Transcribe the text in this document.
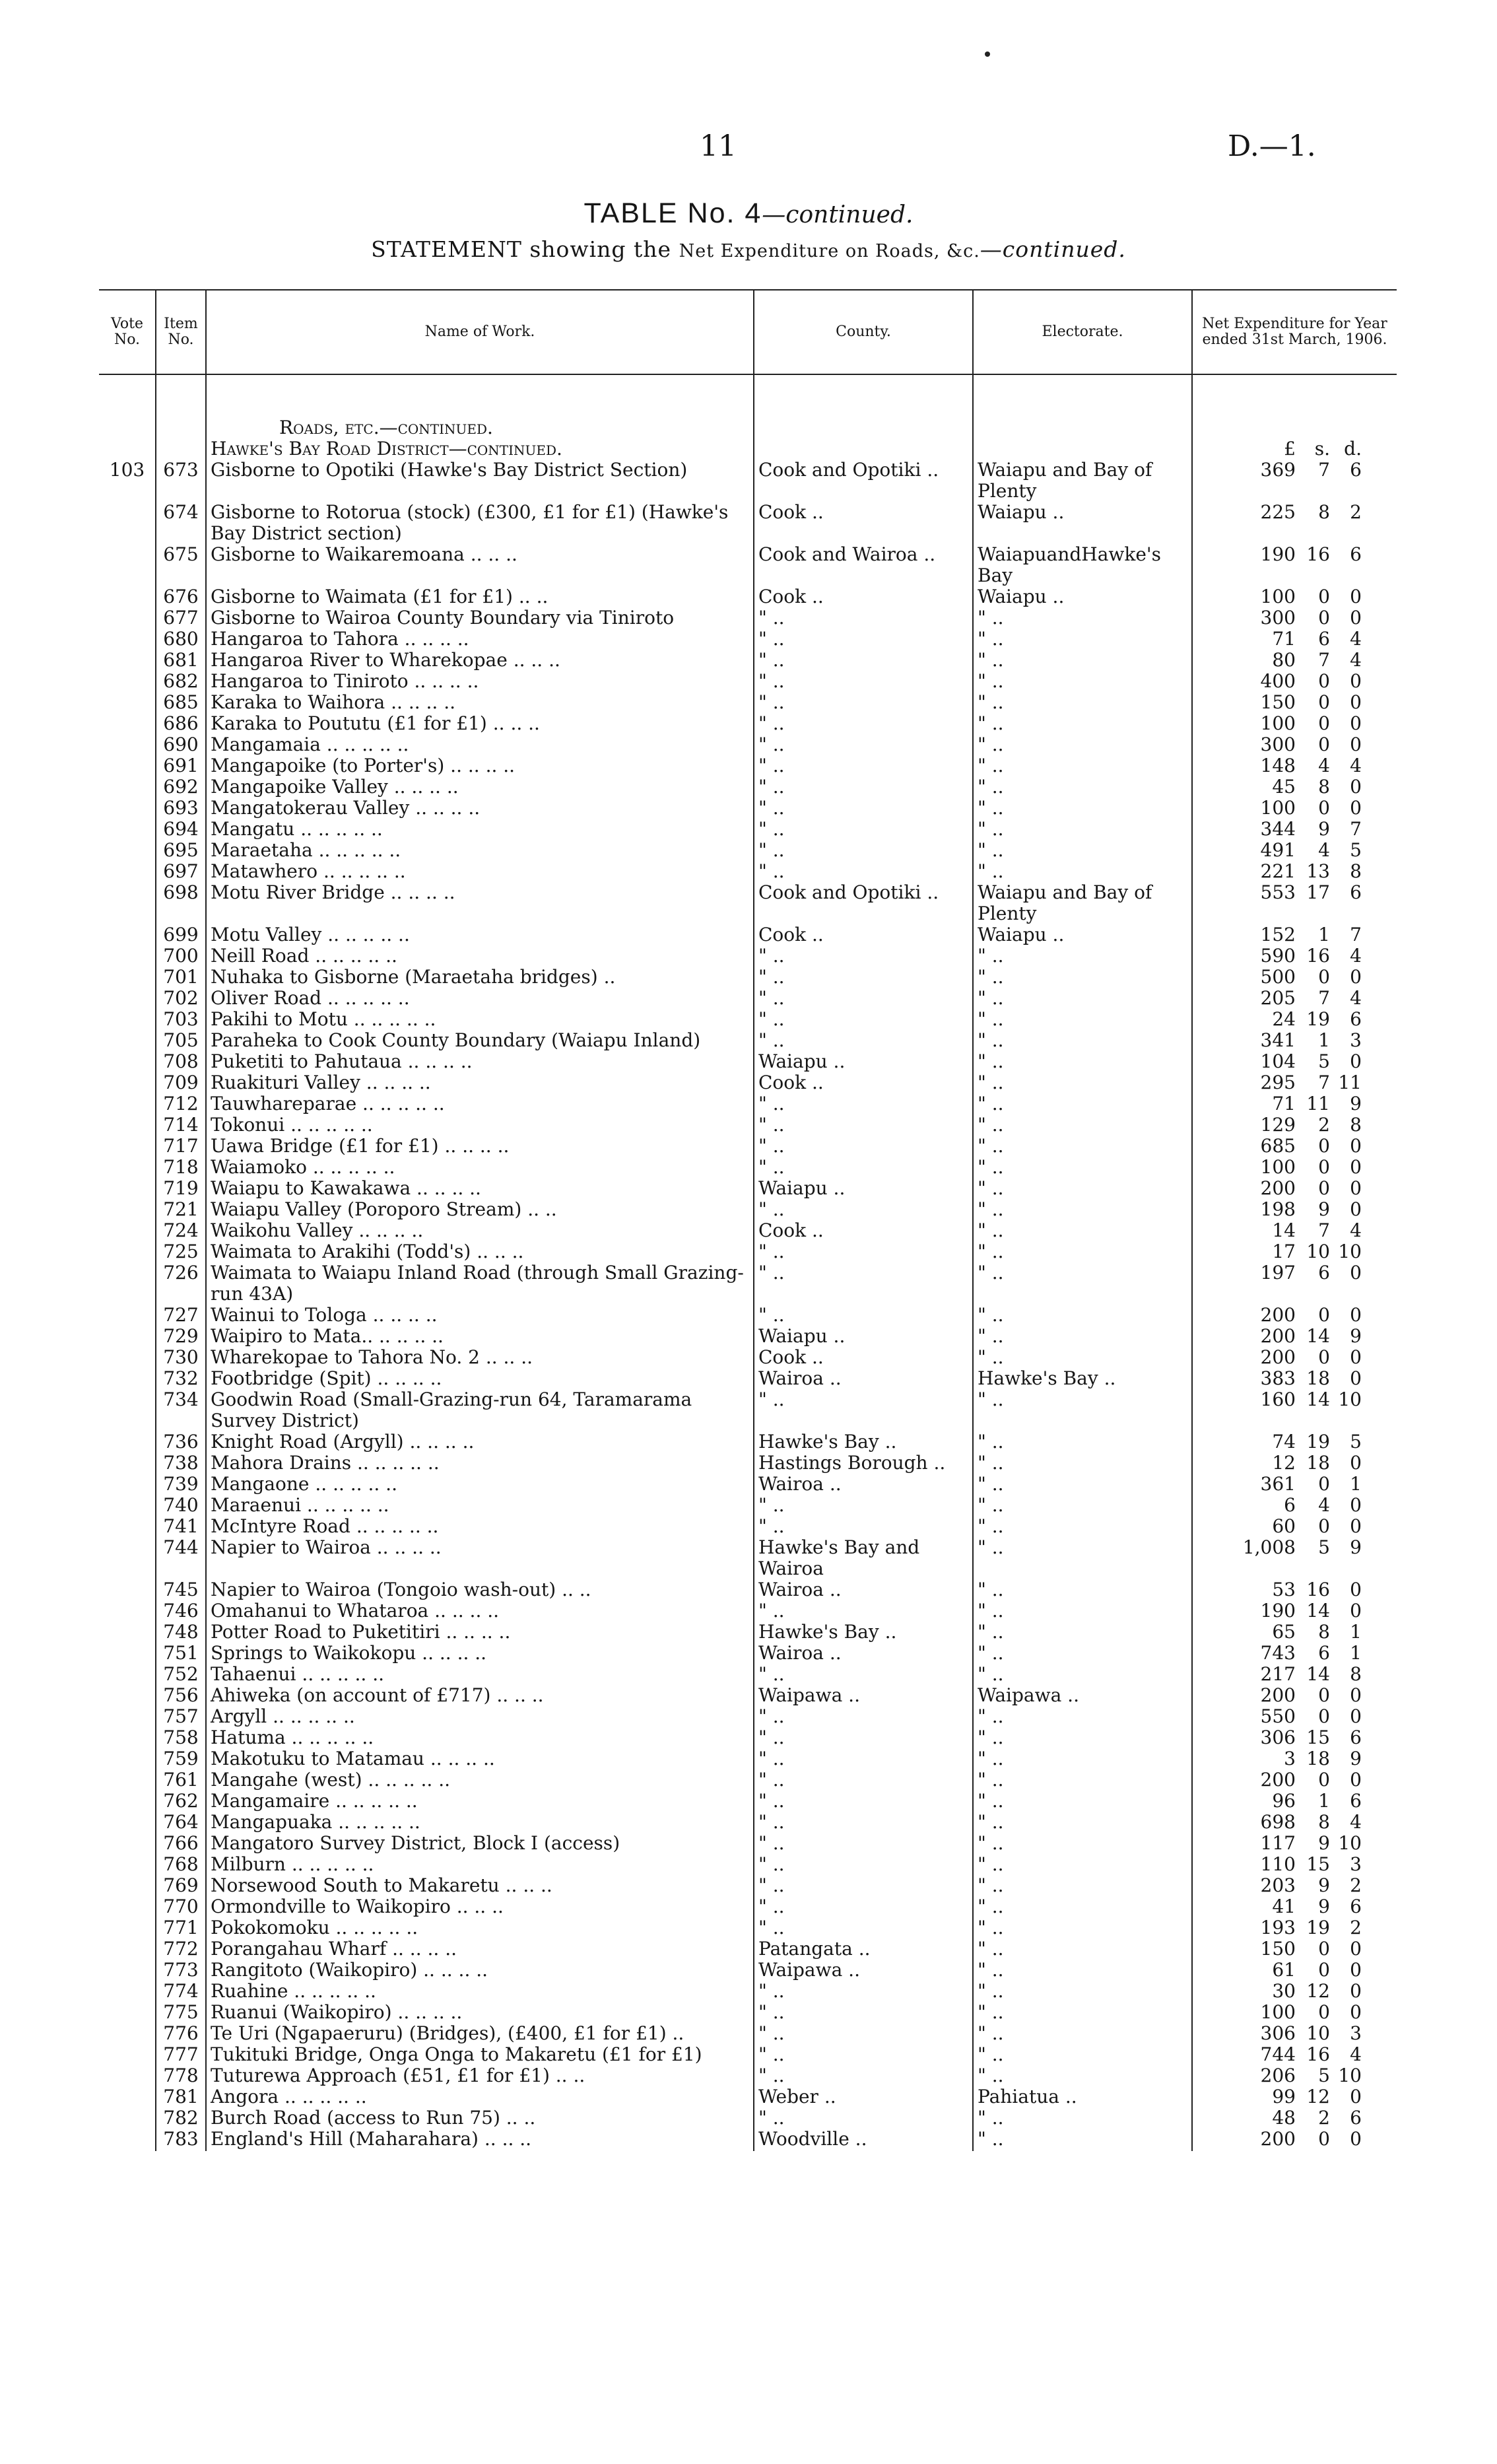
11	D.—1.
TABLE No. 4—continued.
STATEMENT showing the Net Expenditure on Roads, &c.—continued.
Vote No.	Item No.	Name of Work.	County.	Electorate.	Net Expenditure for Year ended 31st March, 1906.

		Roads, etc.—continued.			
		Hawke's Bay Road District—continued.			£ s. d.
103	673	Gisborne to Opotiki (Hawke's Bay District Section)	Cook and Opotiki ..	Waiapu and Bay of Plenty	369 7 6
	674	Gisborne to Rotorua (stock) (£300, £1 for £1) (Hawke's Bay District section)	Cook ..	Waiapu ..	225 8 2
	675	Gisborne to Waikaremoana .. .. ..	Cook and Wairoa ..	WaiapuandHawke's Bay	190 16 6
	676	Gisborne to Waimata (£1 for £1) .. ..	Cook ..	Waiapu ..	100 0 0
	677	Gisborne to Wairoa County Boundary via Tiniroto	" ..	" ..	300 0 0
	680	Hangaroa to Tahora .. .. .. ..	" ..	" ..	71 6 4
	681	Hangaroa River to Wharekopae .. .. ..	" ..	" ..	80 7 4
	682	Hangaroa to Tiniroto .. .. .. ..	" ..	" ..	400 0 0
	685	Karaka to Waihora .. .. .. ..	" ..	" ..	150 0 0
	686	Karaka to Poututu (£1 for £1) .. .. ..	" ..	" ..	100 0 0
	690	Mangamaia .. .. .. .. ..	" ..	" ..	300 0 0
	691	Mangapoike (to Porter's) .. .. .. ..	" ..	" ..	148 4 4
	692	Mangapoike Valley .. .. .. ..	" ..	" ..	45 8 0
	693	Mangatokerau Valley .. .. .. ..	" ..	" ..	100 0 0
	694	Mangatu .. .. .. .. ..	" ..	" ..	344 9 7
	695	Maraetaha .. .. .. .. ..	" ..	" ..	491 4 5
	697	Matawhero .. .. .. .. ..	" ..	" ..	221 13 8
	698	Motu River Bridge .. .. .. ..	Cook and Opotiki ..	Waiapu and Bay of Plenty	553 17 6
	699	Motu Valley .. .. .. .. ..	Cook ..	Waiapu ..	152 1 7
	700	Neill Road .. .. .. .. ..	" ..	" ..	590 16 4
	701	Nuhaka to Gisborne (Maraetaha bridges) ..	" ..	" ..	500 0 0
	702	Oliver Road .. .. .. .. ..	" ..	" ..	205 7 4
	703	Pakihi to Motu .. .. .. .. ..	" ..	" ..	24 19 6
	705	Paraheka to Cook County Boundary (Waiapu Inland)	" ..	" ..	341 1 3
	708	Puketiti to Pahutaua .. .. .. ..	Waiapu ..	" ..	104 5 0
	709	Ruakituri Valley .. .. .. ..	Cook ..	" ..	295 7 11
	712	Tauwhareparae .. .. .. .. ..	" ..	" ..	71 11 9
	714	Tokonui .. .. .. .. ..	" ..	" ..	129 2 8
	717	Uawa Bridge (£1 for £1) .. .. .. ..	" ..	" ..	685 0 0
	718	Waiamoko .. .. .. .. ..	" ..	" ..	100 0 0
	719	Waiapu to Kawakawa .. .. .. ..	Waiapu ..	" ..	200 0 0
	721	Waiapu Valley (Poroporo Stream) .. ..	" ..	" ..	198 9 0
	724	Waikohu Valley .. .. .. ..	Cook ..	" ..	14 7 4
	725	Waimata to Arakihi (Todd's) .. .. ..	" ..	" ..	17 10 10
	726	Waimata to Waiapu Inland Road (through Small Grazing-run 43A)	" ..	" ..	197 6 0
	727	Wainui to Tologa .. .. .. ..	" ..	" ..	200 0 0
	729	Waipiro to Mata.. .. .. .. ..	Waiapu ..	" ..	200 14 9
	730	Wharekopae to Tahora No. 2 .. .. ..	Cook ..	" ..	200 0 0
	732	Footbridge (Spit) .. .. .. ..	Wairoa ..	Hawke's Bay ..	383 18 0
	734	Goodwin Road (Small-Grazing-run 64, Taramarama Survey District)	" ..	" ..	160 14 10
	736	Knight Road (Argyll) .. .. .. ..	Hawke's Bay ..	" ..	74 19 5
	738	Mahora Drains .. .. .. .. ..	Hastings Borough ..	" ..	12 18 0
	739	Mangaone .. .. .. .. ..	Wairoa ..	" ..	361 0 1
	740	Maraenui .. .. .. .. ..	" ..	" ..	6 4 0
	741	McIntyre Road .. .. .. .. ..	" ..	" ..	60 0 0
	744	Napier to Wairoa .. .. .. ..	Hawke's Bay and Wairoa	" ..	1,008 5 9
	745	Napier to Wairoa (Tongoio wash-out) .. ..	Wairoa ..	" ..	53 16 0
	746	Omahanui to Whataroa .. .. .. ..	" ..	" ..	190 14 0
	748	Potter Road to Puketitiri .. .. .. ..	Hawke's Bay ..	" ..	65 8 1
	751	Springs to Waikokopu .. .. .. ..	Wairoa ..	" ..	743 6 1
	752	Tahaenui .. .. .. .. ..	" ..	" ..	217 14 8
	756	Ahiweka (on account of £717) .. .. ..	Waipawa ..	Waipawa ..	200 0 0
	757	Argyll .. .. .. .. ..	" ..	" ..	550 0 0
	758	Hatuma .. .. .. .. ..	" ..	" ..	306 15 6
	759	Makotuku to Matamau .. .. .. ..	" ..	" ..	3 18 9
	761	Mangahe (west) .. .. .. .. ..	" ..	" ..	200 0 0
	762	Mangamaire .. .. .. .. ..	" ..	" ..	96 1 6
	764	Mangapuaka .. .. .. .. ..	" ..	" ..	698 8 4
	766	Mangatoro Survey District, Block I (access)	" ..	" ..	117 9 10
	768	Milburn .. .. .. .. ..	" ..	" ..	110 15 3
	769	Norsewood South to Makaretu .. .. ..	" ..	" ..	203 9 2
	770	Ormondville to Waikopiro .. .. ..	" ..	" ..	41 9 6
	771	Pokokomoku .. .. .. .. ..	" ..	" ..	193 19 2
	772	Porangahau Wharf .. .. .. ..	Patangata ..	" ..	150 0 0
	773	Rangitoto (Waikopiro) .. .. .. ..	Waipawa ..	" ..	61 0 0
	774	Ruahine .. .. .. .. ..	" ..	" ..	30 12 0
	775	Ruanui (Waikopiro) .. .. .. ..	" ..	" ..	100 0 0
	776	Te Uri (Ngapaeruru) (Bridges), (£400, £1 for £1) ..	" ..	" ..	306 10 3
	777	Tukituki Bridge, Onga Onga to Makaretu (£1 for £1)	" ..	" ..	744 16 4
	778	Tuturewa Approach (£51, £1 for £1) .. ..	" ..	" ..	206 5 10
	781	Angora .. .. .. .. ..	Weber ..	Pahiatua ..	99 12 0
	782	Burch Road (access to Run 75) .. ..	" ..	" ..	48 2 6
	783	England's Hill (Maharahara) .. .. ..	Woodville ..	" ..	200 0 0
